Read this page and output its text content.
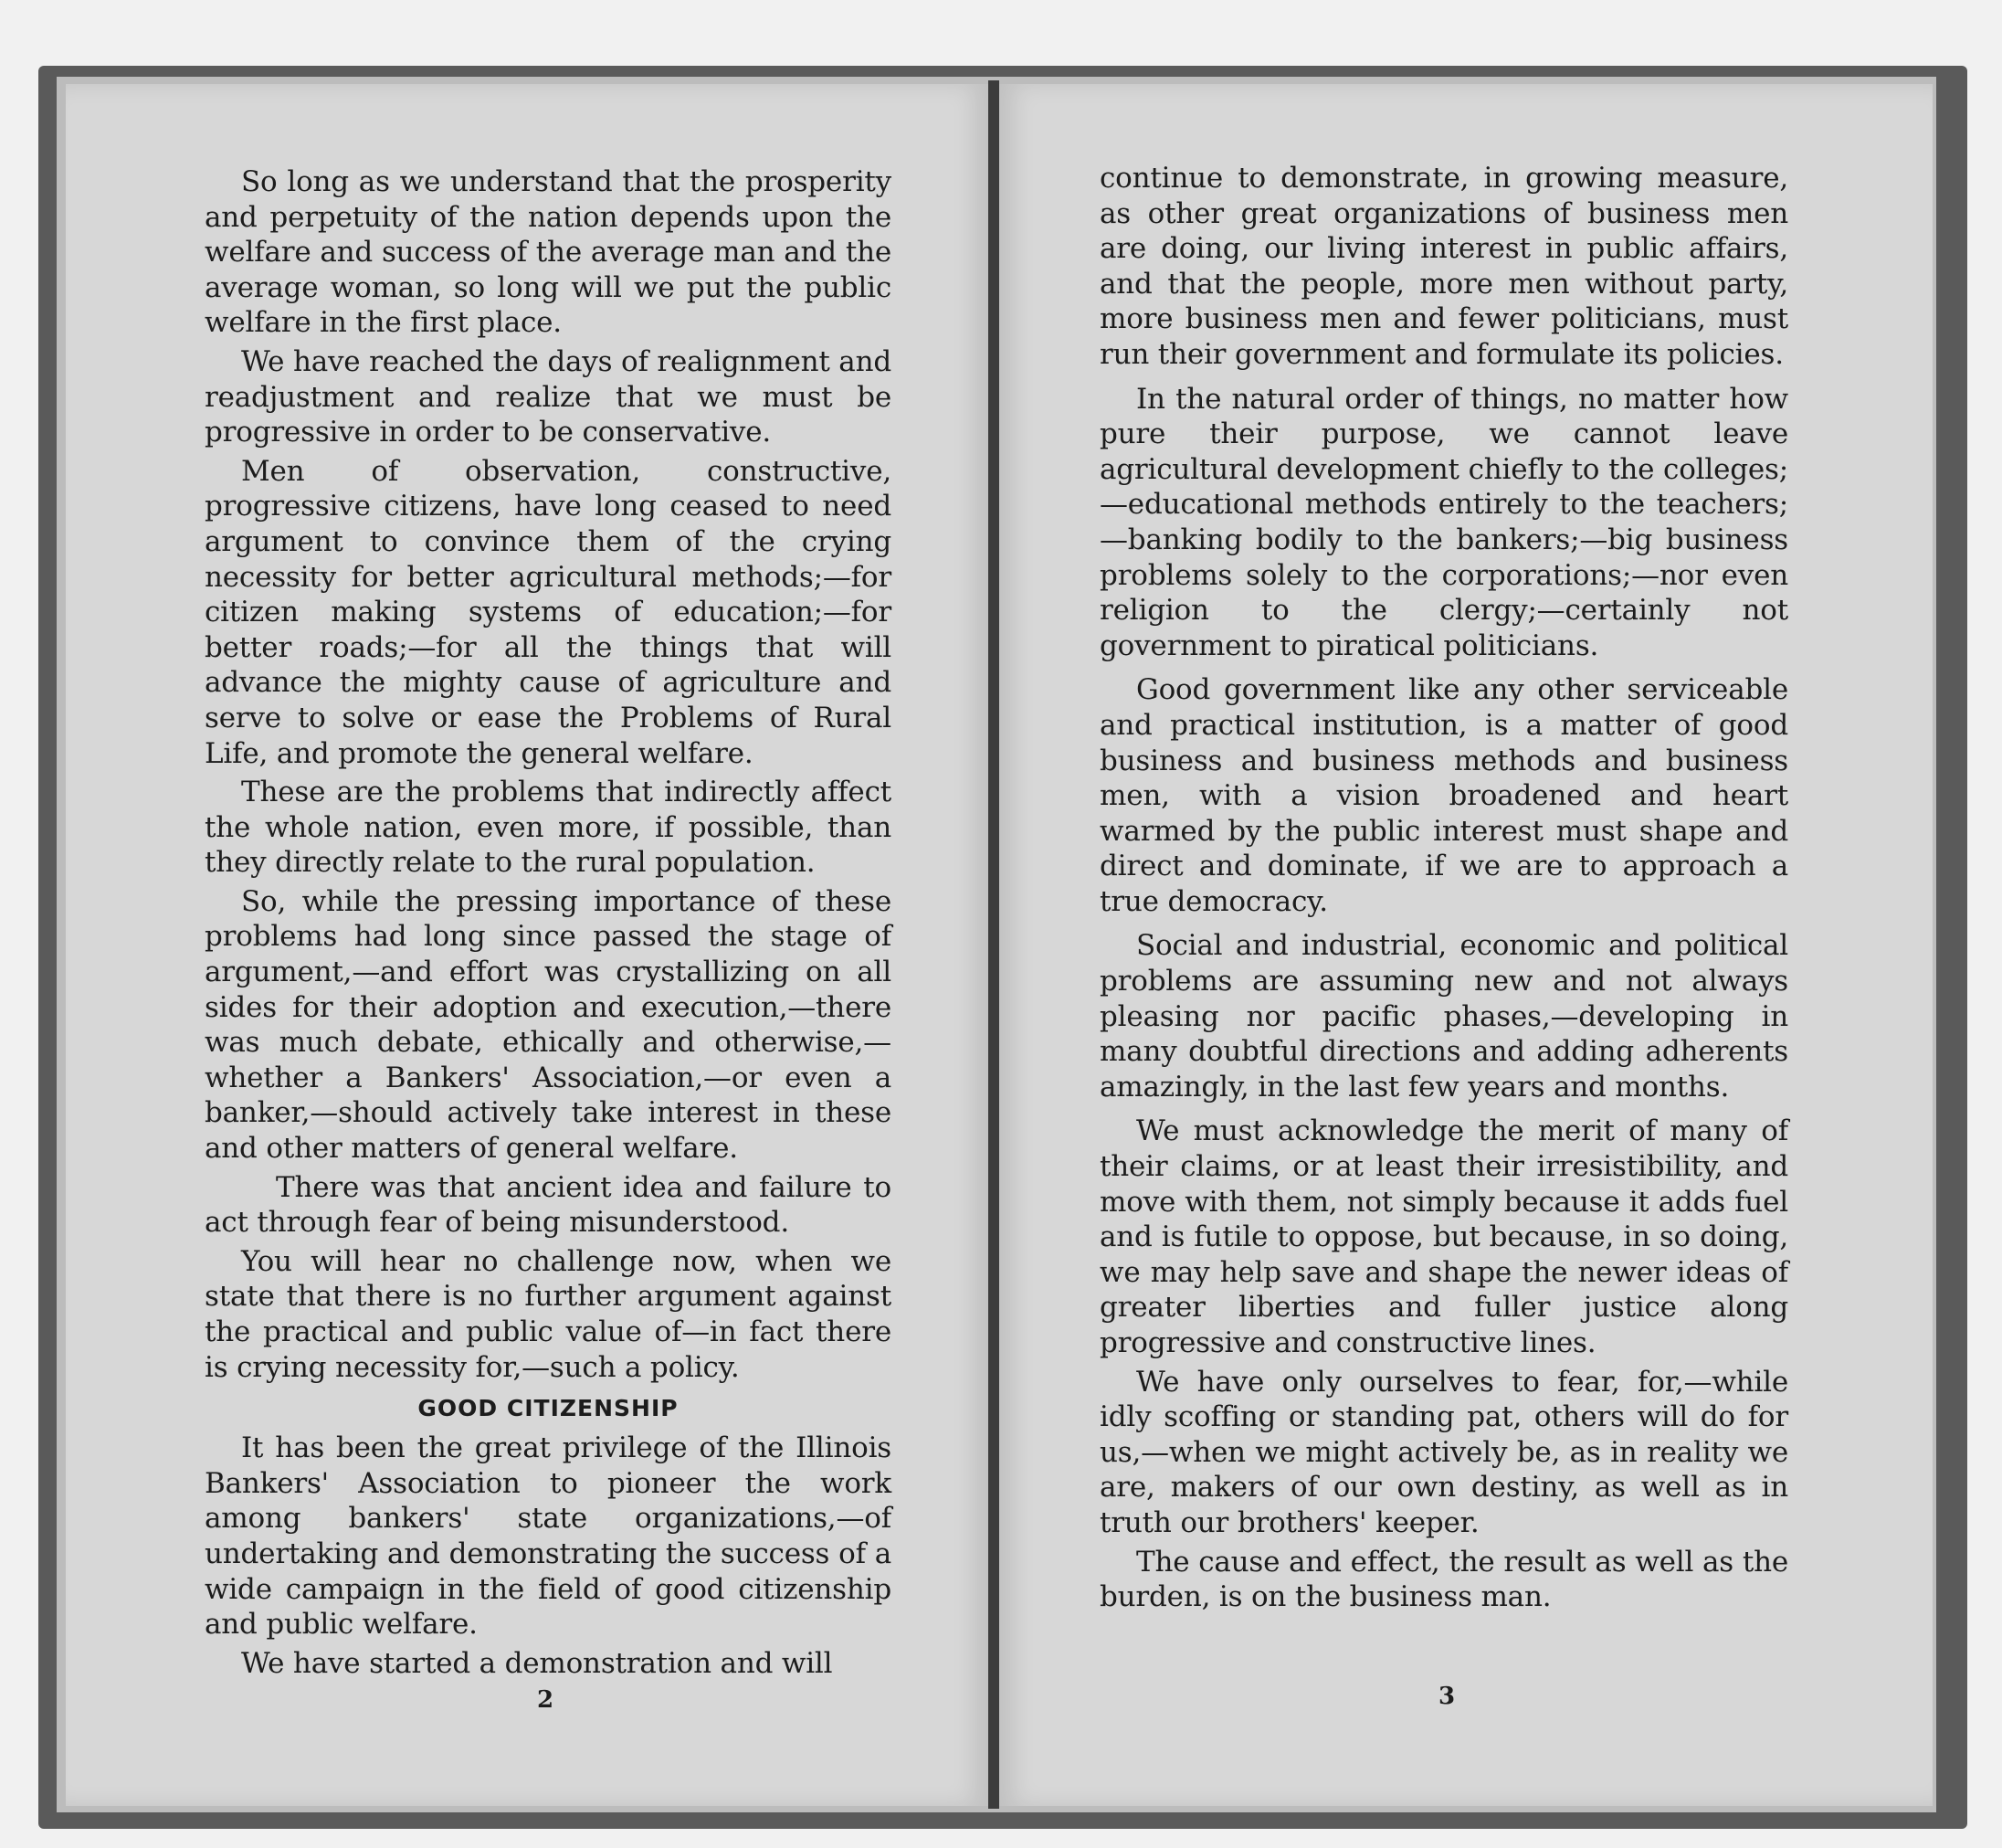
So long as we understand that the prosperity and perpetuity of the nation depends upon the welfare and success of the average man and the average woman, so long will we put the public welfare in the first place.

We have reached the days of realignment and readjustment and realize that we must be progressive in order to be conservative.

Men of observation, constructive, progressive citizens, have long ceased to need argument to convince them of the crying necessity for better agricultural methods;—for citizen making systems of education;—for better roads;—for all the things that will advance the mighty cause of agriculture and serve to solve or ease the Problems of Rural Life, and promote the general welfare.

These are the problems that indirectly affect the whole nation, even more, if possible, than they directly relate to the rural population.

So, while the pressing importance of these problems had long since passed the stage of argument,—and effort was crystallizing on all sides for their adoption and execution,—there was much debate, ethically and otherwise,—whether a Bankers' Association,—or even a banker,—should actively take interest in these and other matters of general welfare.

There was that ancient idea and failure to act through fear of being misunderstood.

You will hear no challenge now, when we state that there is no further argument against the practical and public value of—in fact there is crying necessity for,—such a policy.

GOOD CITIZENSHIP

It has been the great privilege of the Illinois Bankers' Association to pioneer the work among bankers' state organizations,—of undertaking and demonstrating the success of a wide campaign in the field of good citizenship and public welfare.

We have started a demonstration and will

2

continue to demonstrate, in growing measure, as other great organizations of business men are doing, our living interest in public affairs, and that the people, more men without party, more business men and fewer politicians, must run their government and formulate its policies.

In the natural order of things, no matter how pure their purpose, we cannot leave agricultural development chiefly to the colleges;—educational methods entirely to the teachers;—banking bodily to the bankers;—big business problems solely to the corporations;—nor even religion to the clergy;—certainly not government to piratical politicians.

Good government like any other serviceable and practical institution, is a matter of good business and business methods and business men, with a vision broadened and heart warmed by the public interest must shape and direct and dominate, if we are to approach a true democracy.

Social and industrial, economic and political problems are assuming new and not always pleasing nor pacific phases,—developing in many doubtful directions and adding adherents amazingly, in the last few years and months.

We must acknowledge the merit of many of their claims, or at least their irresistibility, and move with them, not simply because it adds fuel and is futile to oppose, but because, in so doing, we may help save and shape the newer ideas of greater liberties and fuller justice along progressive and constructive lines.

We have only ourselves to fear, for,—while idly scoffing or standing pat, others will do for us,—when we might actively be, as in reality we are, makers of our own destiny, as well as in truth our brothers' keeper.

The cause and effect, the result as well as the burden, is on the business man.

3
